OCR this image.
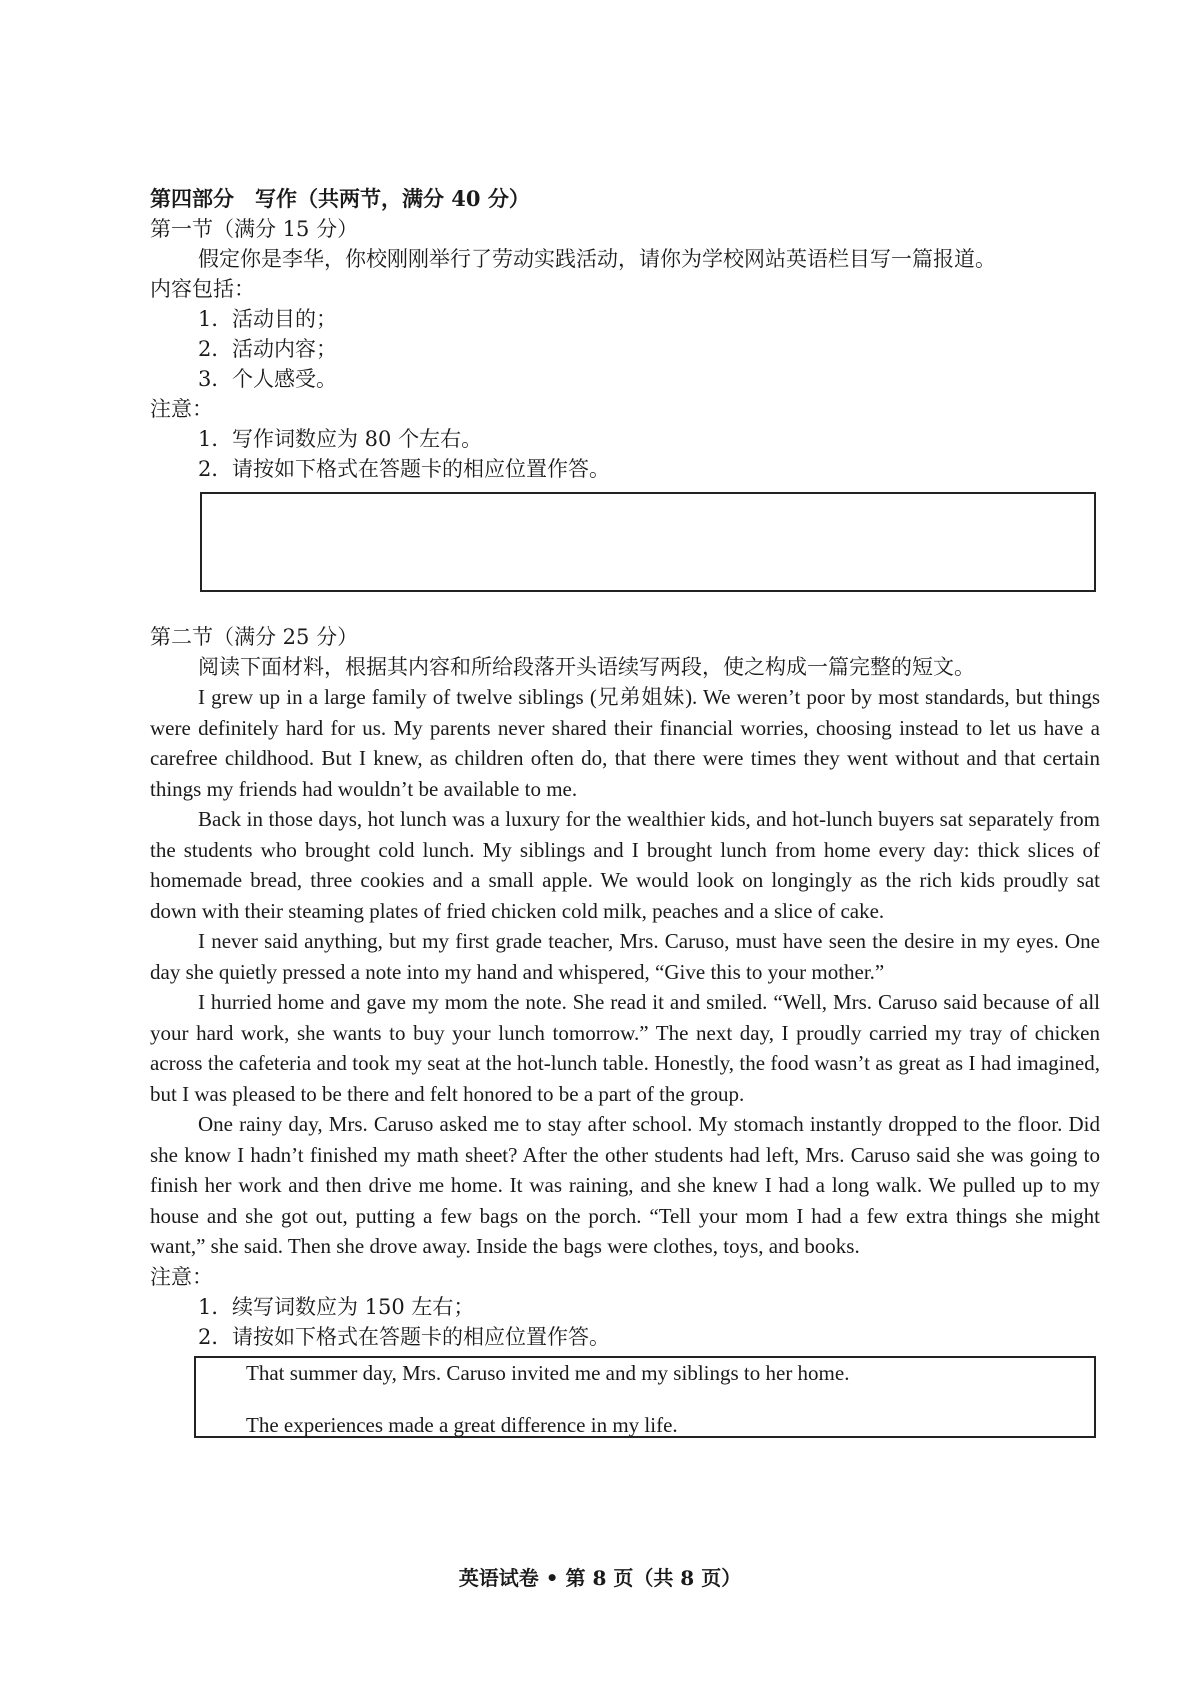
第四部分　写作（共两节，满分 40 分）
第一节（满分 15 分）
假定你是李华，你校刚刚举行了劳动实践活动，请你为学校网站英语栏目写一篇报道。
内容包括：
1．活动目的；
2．活动内容；
3．个人感受。
注意：
1．写作词数应为 80 个左右。
2．请按如下格式在答题卡的相应位置作答。
第二节（满分 25 分）
阅读下面材料，根据其内容和所给段落开头语续写两段，使之构成一篇完整的短文。

I grew up in a large family of twelve siblings (兄弟姐妹). We weren’t poor by most standards, but things were definitely hard for us. My parents never shared their financial worries, choosing instead to let us have a carefree childhood. But I knew, as children often do, that there were times they went without and that certain things my friends had wouldn’t be available to me.

Back in those days, hot lunch was a luxury for the wealthier kids, and hot-lunch buyers sat separately from the students who brought cold lunch. My siblings and I brought lunch from home every day: thick slices of homemade bread, three cookies and a small apple. We would look on longingly as the rich kids proudly sat down with their steaming plates of fried chicken cold milk, peaches and a slice of cake.

I never said anything, but my first grade teacher, Mrs. Caruso, must have seen the desire in my eyes. One day she quietly pressed a note into my hand and whispered, “Give this to your mother.”

I hurried home and gave my mom the note. She read it and smiled. “Well, Mrs. Caruso said because of all your hard work, she wants to buy your lunch tomorrow.” The next day, I proudly carried my tray of chicken across the cafeteria and took my seat at the hot-lunch table. Honestly, the food wasn’t as great as I had imagined, but I was pleased to be there and felt honored to be a part of the group.

One rainy day, Mrs. Caruso asked me to stay after school. My stomach instantly dropped to the floor. Did she know I hadn’t finished my math sheet? After the other students had left, Mrs. Caruso said she was going to finish her work and then drive me home. It was raining, and she knew I had a long walk. We pulled up to my house and she got out, putting a few bags on the porch. “Tell your mom I had a few extra things she might want,” she said. Then she drove away. Inside the bags were clothes, toys, and books.

注意：
1．续写词数应为 150 左右；
2．请按如下格式在答题卡的相应位置作答。
That summer day, Mrs. Caruso invited me and my siblings to her home.
The experiences made a great difference in my life.
英语试卷 • 第 8 页（共 8 页）
